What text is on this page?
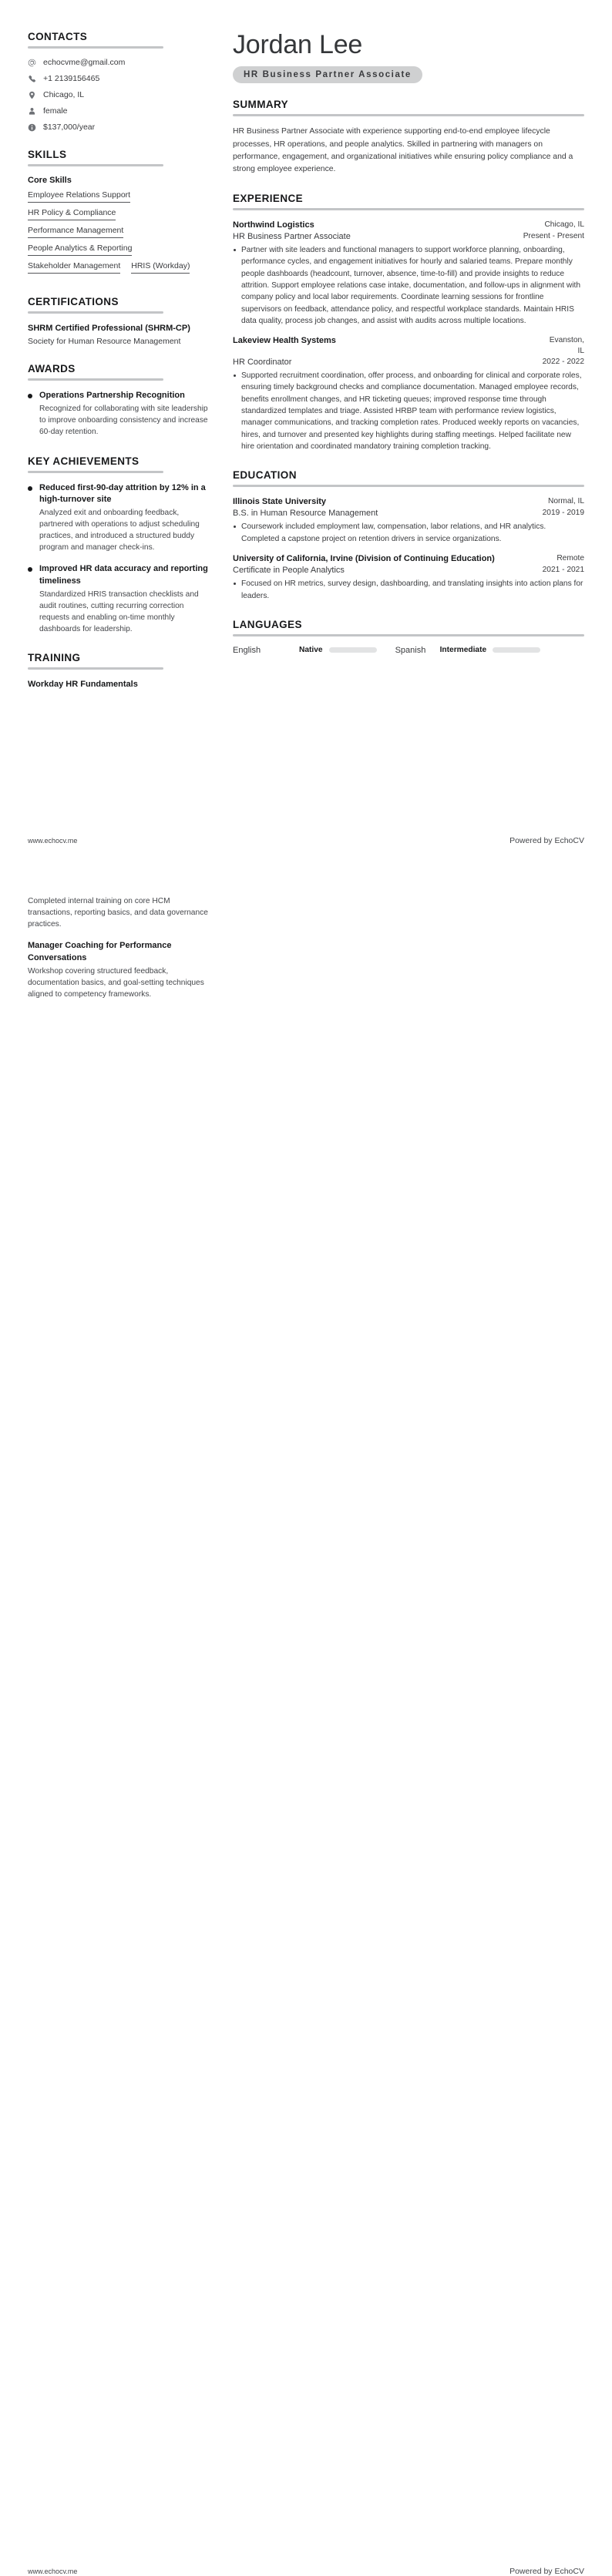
CONTACTS
echocvme@gmail.com
+1 2139156465
Chicago, IL
female
$137,000/year
SKILLS
Core Skills
Employee Relations Support
HR Policy & Compliance
Performance Management
People Analytics & Reporting
Stakeholder Management HRIS (Workday)
CERTIFICATIONS
SHRM Certified Professional (SHRM-CP)
Society for Human Resource Management
AWARDS
Operations Partnership Recognition
Recognized for collaborating with site leadership to improve onboarding consistency and increase 60-day retention.
KEY ACHIEVEMENTS
Reduced first-90-day attrition by 12% in a high-turnover site
Analyzed exit and onboarding feedback, partnered with operations to adjust scheduling practices, and introduced a structured buddy program and manager check-ins.
Improved HR data accuracy and reporting timeliness
Standardized HRIS transaction checklists and audit routines, cutting recurring correction requests and enabling on-time monthly dashboards for leadership.
TRAINING
Workday HR Fundamentals
Jordan Lee
HR Business Partner Associate
SUMMARY
HR Business Partner Associate with experience supporting end-to-end employee lifecycle processes, HR operations, and people analytics. Skilled in partnering with managers on performance, engagement, and organizational initiatives while ensuring policy compliance and a strong employee experience.
EXPERIENCE
Northwind Logistics	Chicago, IL
HR Business Partner Associate	Present - Present
Partner with site leaders and functional managers to support workforce planning, onboarding, performance cycles, and engagement initiatives for hourly and salaried teams. Prepare monthly people dashboards (headcount, turnover, absence, time-to-fill) and provide insights to reduce attrition. Support employee relations case intake, documentation, and follow-ups in alignment with company policy and local labor requirements. Coordinate learning sessions for frontline supervisors on feedback, attendance policy, and respectful workplace standards. Maintain HRIS data quality, process job changes, and assist with audits across multiple locations.
Lakeview Health Systems	Evanston, IL
HR Coordinator	2022 - 2022
Supported recruitment coordination, offer process, and onboarding for clinical and corporate roles, ensuring timely background checks and compliance documentation. Managed employee records, benefits enrollment changes, and HR ticketing queues; improved response time through standardized templates and triage. Assisted HRBP team with performance review logistics, manager communications, and tracking completion rates. Produced weekly reports on vacancies, hires, and turnover and presented key highlights during staffing meetings. Helped facilitate new hire orientation and coordinated mandatory training completion tracking.
EDUCATION
Illinois State University	Normal, IL
B.S. in Human Resource Management	2019 - 2019
Coursework included employment law, compensation, labor relations, and HR analytics. Completed a capstone project on retention drivers in service organizations.
University of California, Irvine (Division of Continuing Education)	Remote
Certificate in People Analytics	2021 - 2021
Focused on HR metrics, survey design, dashboarding, and translating insights into action plans for leaders.
LANGUAGES
English	Native	Spanish	Intermediate
www.echocv.me	Powered by EchoCV
Completed internal training on core HCM transactions, reporting basics, and data governance practices.
Manager Coaching for Performance Conversations
Workshop covering structured feedback, documentation basics, and goal-setting techniques aligned to competency frameworks.
www.echocv.me	Powered by EchoCV
